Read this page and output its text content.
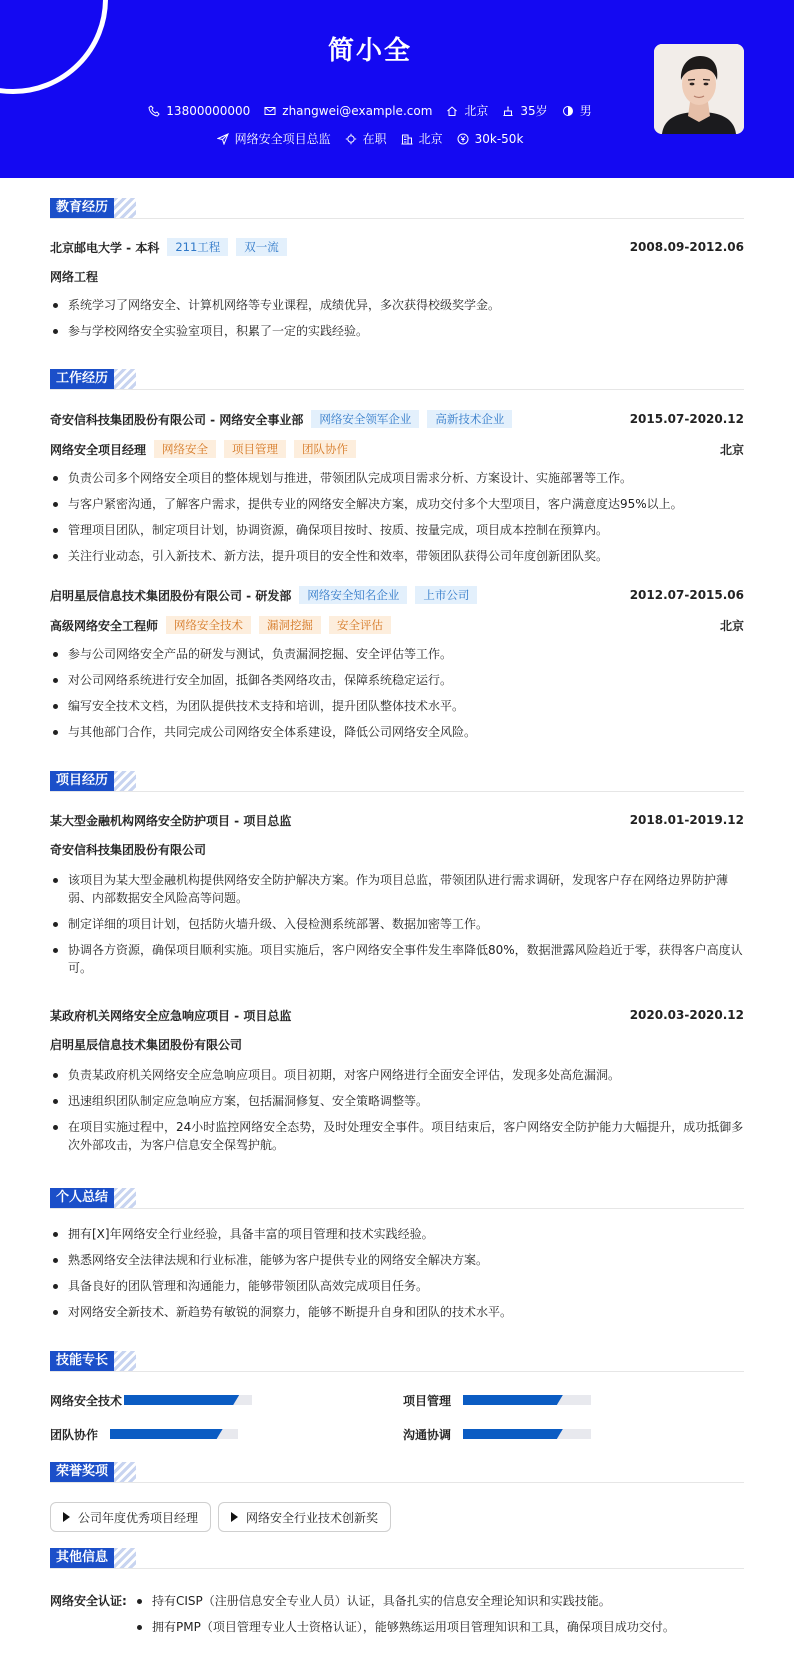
简小全
13800000000	zhangwei@example.com	北京	35岁	男
网络安全项目总监	在职	北京	30k-50k
教育经历
北京邮电大学 - 本科	211工程	双一流	2008.09-2012.06
网络工程
系统学习了网络安全、计算机网络等专业课程，成绩优异，多次获得校级奖学金。
参与学校网络安全实验室项目，积累了一定的实践经验。
工作经历
奇安信科技集团股份有限公司 - 网络安全事业部	网络安全领军企业	高新技术企业	2015.07-2020.12
网络安全项目经理	网络安全	项目管理	团队协作	北京
负责公司多个网络安全项目的整体规划与推进，带领团队完成项目需求分析、方案设计、实施部署等工作。
与客户紧密沟通，了解客户需求，提供专业的网络安全解决方案，成功交付多个大型项目，客户满意度达95%以上。
管理项目团队，制定项目计划，协调资源，确保项目按时、按质、按量完成，项目成本控制在预算内。
关注行业动态，引入新技术、新方法，提升项目的安全性和效率，带领团队获得公司年度创新团队奖。
启明星辰信息技术集团股份有限公司 - 研发部	网络安全知名企业	上市公司	2012.07-2015.06
高级网络安全工程师	网络安全技术	漏洞挖掘	安全评估	北京
参与公司网络安全产品的研发与测试，负责漏洞挖掘、安全评估等工作。
对公司网络系统进行安全加固，抵御各类网络攻击，保障系统稳定运行。
编写安全技术文档，为团队提供技术支持和培训，提升团队整体技术水平。
与其他部门合作，共同完成公司网络安全体系建设，降低公司网络安全风险。
项目经历
某大型金融机构网络安全防护项目 - 项目总监	2018.01-2019.12
奇安信科技集团股份有限公司
该项目为某大型金融机构提供网络安全防护解决方案。作为项目总监，带领团队进行需求调研，发现客户存在网络边界防护薄弱、内部数据安全风险高等问题。
制定详细的项目计划，包括防火墙升级、入侵检测系统部署、数据加密等工作。
协调各方资源，确保项目顺利实施。项目实施后，客户网络安全事件发生率降低80%，数据泄露风险趋近于零，获得客户高度认可。
某政府机关网络安全应急响应项目 - 项目总监	2020.03-2020.12
启明星辰信息技术集团股份有限公司
负责某政府机关网络安全应急响应项目。项目初期，对客户网络进行全面安全评估，发现多处高危漏洞。
迅速组织团队制定应急响应方案，包括漏洞修复、安全策略调整等。
在项目实施过程中，24小时监控网络安全态势，及时处理安全事件。项目结束后，客户网络安全防护能力大幅提升，成功抵御多次外部攻击，为客户信息安全保驾护航。
个人总结
拥有[X]年网络安全行业经验，具备丰富的项目管理和技术实践经验。
熟悉网络安全法律法规和行业标准，能够为客户提供专业的网络安全解决方案。
具备良好的团队管理和沟通能力，能够带领团队高效完成项目任务。
对网络安全新技术、新趋势有敏锐的洞察力，能够不断提升自身和团队的技术水平。
技能专长
网络安全技术	项目管理
团队协作	沟通协调
荣誉奖项
公司年度优秀项目经理	网络安全行业技术创新奖
其他信息
网络安全认证:	持有CISP（注册信息安全专业人员）认证，具备扎实的信息安全理论知识和实践技能。
拥有PMP（项目管理专业人士资格认证），能够熟练运用项目管理知识和工具，确保项目成功交付。
